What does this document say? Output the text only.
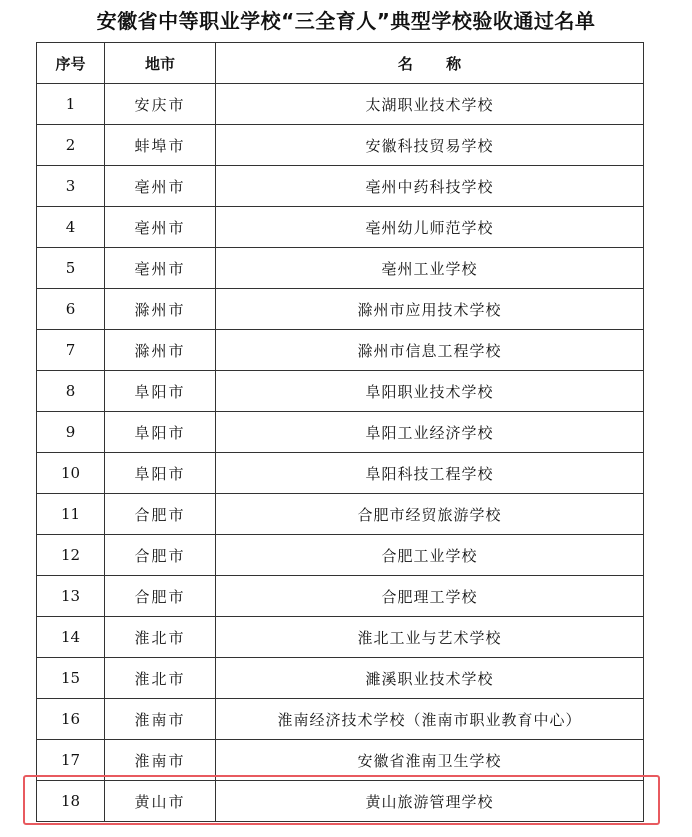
安徽省中等职业学校“三全育人”典型学校验收通过名单
序号	地市	名 称
1	安庆市	太湖职业技术学校
2	蚌埠市	安徽科技贸易学校
3	亳州市	亳州中药科技学校
4	亳州市	亳州幼儿师范学校
5	亳州市	亳州工业学校
6	滁州市	滁州市应用技术学校
7	滁州市	滁州市信息工程学校
8	阜阳市	阜阳职业技术学校
9	阜阳市	阜阳工业经济学校
10	阜阳市	阜阳科技工程学校
11	合肥市	合肥市经贸旅游学校
12	合肥市	合肥工业学校
13	合肥市	合肥理工学校
14	淮北市	淮北工业与艺术学校
15	淮北市	濉溪职业技术学校
16	淮南市	淮南经济技术学校（淮南市职业教育中心）
17	淮南市	安徽省淮南卫生学校
18	黄山市	黄山旅游管理学校
